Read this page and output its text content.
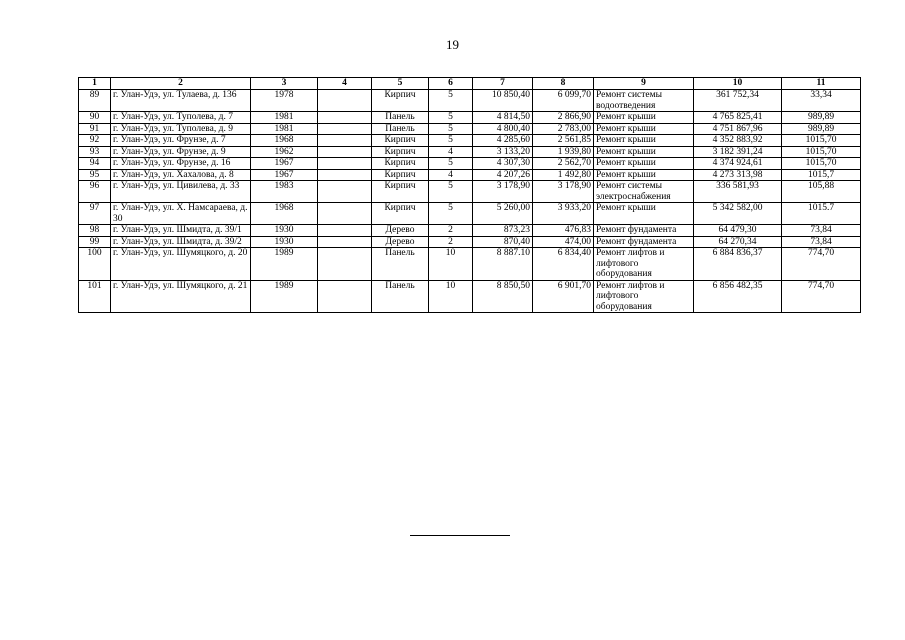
19
1	2	3	4	5	6	7	8	9	10	11
89	г. Улан-Удэ, ул. Тулаева, д. 136	1978		Кирпич	5	10 850,40	6 099,70	Ремонт системы водоотведения	361 752,34	33,34
90	г. Улан-Удэ, ул. Туполева, д. 7	1981		Панель	5	4 814,50	2 866,90	Ремонт крыши	4 765 825,41	989,89
91	г. Улан-Удэ, ул. Туполева, д. 9	1981		Панель	5	4 800,40	2 783,00	Ремонт крыши	4 751 867,96	989,89
92	г. Улан-Удэ, ул. Фрунзе, д. 7	1968		Кирпич	5	4 285,60	2 561,85	Ремонт крыши	4 352 883,92	1015,70
93	г. Улан-Удэ, ул. Фрунзе, д. 9	1962		Кирпич	4	3 133,20	1 939,80	Ремонт крыши	3 182 391,24	1015,70
94	г. Улан-Удэ, ул. Фрунзе, д. 16	1967		Кирпич	5	4 307,30	2 562,70	Ремонт крыши	4 374 924,61	1015,70
95	г. Улан-Удэ, ул. Хахалова, д. 8	1967		Кирпич	4	4 207,26	1 492,80	Ремонт крыши	4 273 313,98	1015,7
96	г. Улан-Удэ, ул. Цивилева, д. 33	1983		Кирпич	5	3 178,90	3 178,90	Ремонт системы электроснабжения	336 581,93	105,88
97	г. Улан-Удэ, ул. Х. Намсараева, д. 30	1968		Кирпич	5	5 260,00	3 933,20	Ремонт крыши	5 342 582,00	1015.7
98	г. Улан-Удэ, ул. Шмидта, д. 39/1	1930		Дерево	2	873,23	476,83	Ремонт фундамента	64 479,30	73,84
99	г. Улан-Удэ, ул. Шмидта, д. 39/2	1930		Дерево	2	870,40	474,00	Ремонт фундамента	64 270,34	73,84
100	г. Улан-Удэ, ул. Шумяцкого, д. 20	1989		Панель	10	8 887.10	6 834,40	Ремонт лифтов и лифтового оборудования	6 884 836,37	774,70
101	г. Улан-Удэ, ул. Шумяцкого, д. 21	1989		Панель	10	8 850,50	6 901,70	Ремонт лифтов и лифтового оборудования	6 856 482,35	774,70
